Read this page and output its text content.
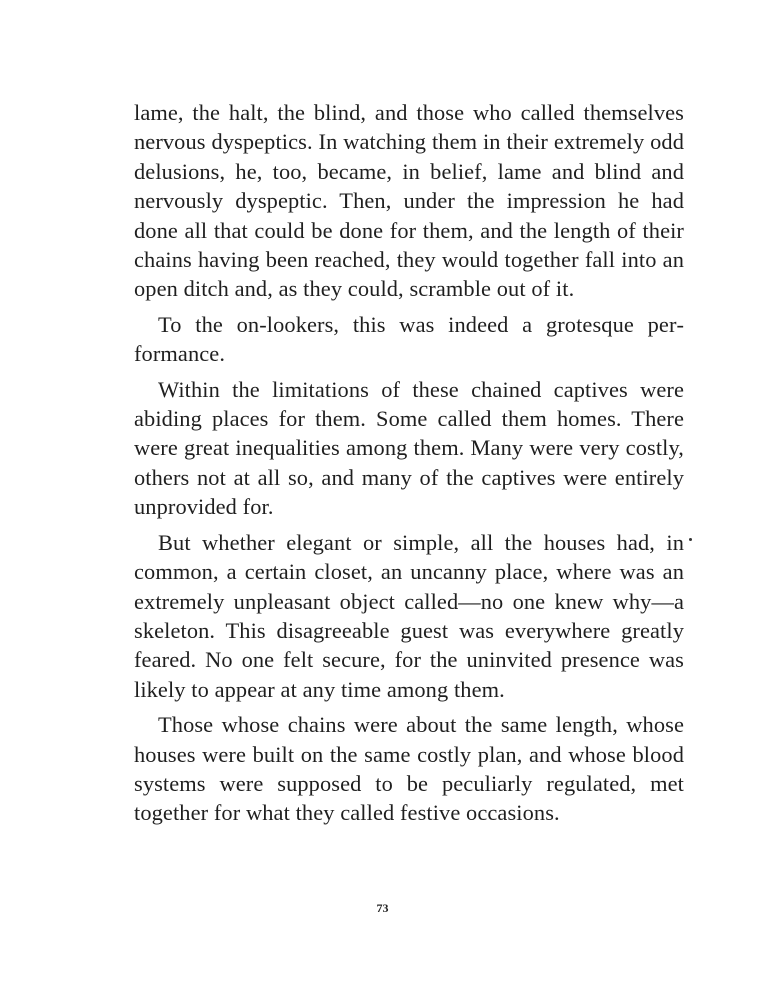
lame, the halt, the blind, and those who called themselves nervous dyspeptics. In watching them in their extremely odd delusions, he, too, became, in belief, lame and blind and nervously dyspeptic. Then, under the impression he had done all that could be done for them, and the length of their chains having been reached, they would together fall into an open ditch and, as they could, scramble out of it.

To the on-lookers, this was indeed a grotesque performance.

Within the limitations of these chained captives were abiding places for them. Some called them homes. There were great inequalities among them. Many were very costly, others not at all so, and many of the captives were entirely unprovided for.

But whether elegant or simple, all the houses had, in common, a certain closet, an uncanny place, where was an extremely unpleasant object called—no one knew why—a skeleton. This disagreeable guest was everywhere greatly feared. No one felt secure, for the uninvited presence was likely to appear at any time among them.

Those whose chains were about the same length, whose houses were built on the same costly plan, and whose blood systems were supposed to be peculiarly regulated, met together for what they called festive occasions.

73
